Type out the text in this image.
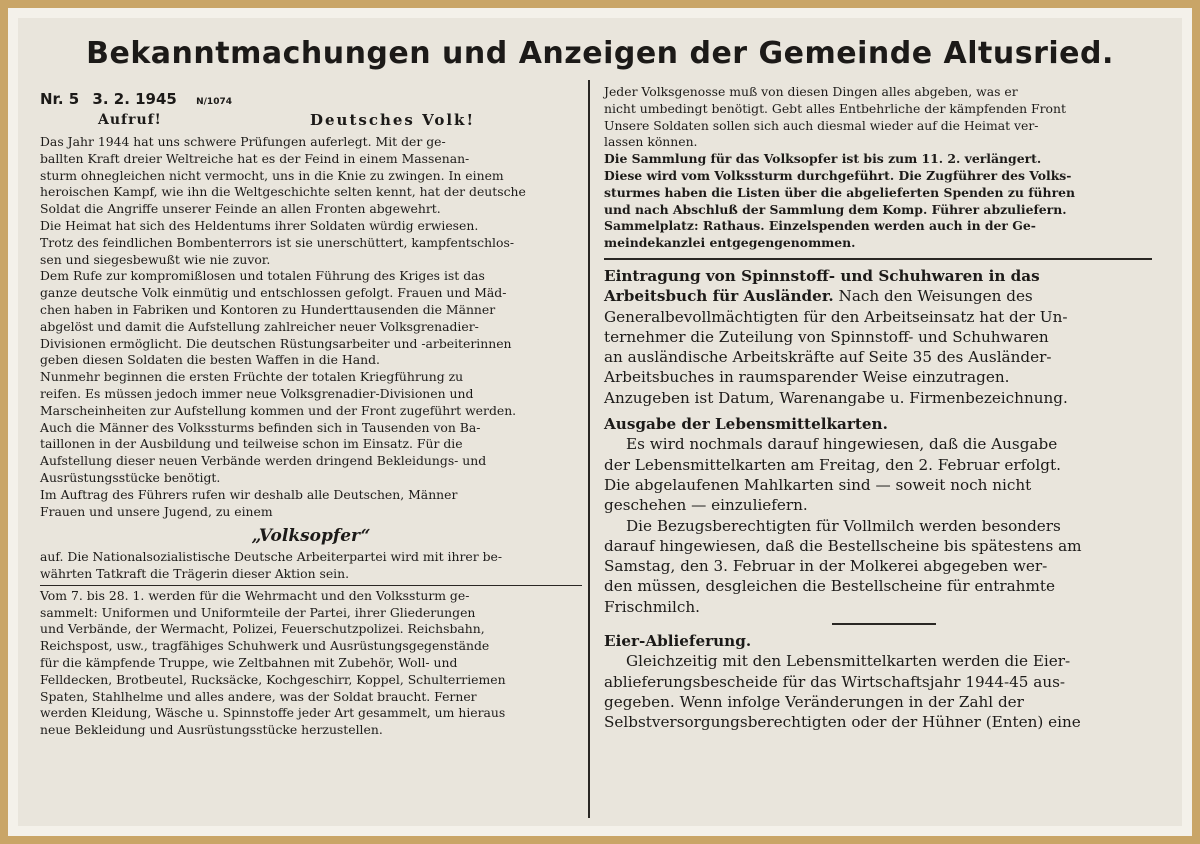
Bekanntmachungen und Anzeigen der Gemeinde Altusried.
Nr. 5 3. 2. 1945 N/1074
Aufruf!	Deutsches Volk!

Das Jahr 1944 hat uns schwere Prüfungen auferlegt. Mit der ge-
ballten Kraft dreier Weltreiche hat es der Feind in einem Massenan-
sturm ohnegleichen nicht vermocht, uns in die Knie zu zwingen. In einem
heroischen Kampf, wie ihn die Weltgeschichte selten kennt, hat der deutsche
Soldat die Angriffe unserer Feinde an allen Fronten abgewehrt.

Die Heimat hat sich des Heldentums ihrer Soldaten würdig erwiesen.
Trotz des feindlichen Bombenterrors ist sie unerschüttert, kampfentschlos-
sen und siegesbewußt wie nie zuvor.

Dem Rufe zur kompromißlosen und totalen Führung des Kriges ist das
ganze deutsche Volk einmütig und entschlossen gefolgt. Frauen und Mäd-
chen haben in Fabriken und Kontoren zu Hunderttausenden die Männer
abgelöst und damit die Aufstellung zahlreicher neuer Volksgrenadier-
Divisionen ermöglicht. Die deutschen Rüstungsarbeiter und -arbeiterinnen
geben diesen Soldaten die besten Waffen in die Hand.

Nunmehr beginnen die ersten Früchte der totalen Kriegführung zu
reifen. Es müssen jedoch immer neue Volksgrenadier-Divisionen und
Marscheinheiten zur Aufstellung kommen und der Front zugeführt werden.
Auch die Männer des Volkssturms befinden sich in Tausenden von Ba-
taillonen in der Ausbildung und teilweise schon im Einsatz. Für die
Aufstellung dieser neuen Verbände werden dringend Bekleidungs- und
Ausrüstungsstücke benötigt.

Im Auftrag des Führers rufen wir deshalb alle Deutschen, Männer
Frauen und unsere Jugend, zu einem

„Volksopfer“

auf. Die Nationalsozialistische Deutsche Arbeiterpartei wird mit ihrer be-
währten Tatkraft die Trägerin dieser Aktion sein.

Vom 7. bis 28. 1. werden für die Wehrmacht und den Volkssturm ge-
sammelt: Uniformen und Uniformteile der Partei, ihrer Gliederungen
und Verbände, der Wermacht, Polizei, Feuerschutzpolizei. Reichsbahn,
Reichspost, usw., tragfähiges Schuhwerk und Ausrüstungsgegenstände
für die kämpfende Truppe, wie Zeltbahnen mit Zubehör, Woll- und
Felldecken, Brotbeutel, Rucksäcke, Kochgeschirr, Koppel, Schulterriemen
Spaten, Stahlhelme und alles andere, was der Soldat braucht. Ferner
werden Kleidung, Wäsche u. Spinnstoffe jeder Art gesammelt, um hieraus
neue Bekleidung und Ausrüstungsstücke herzustellen.

Jeder Volksgenosse muß von diesen Dingen alles abgeben, was er
nicht umbedingt benötigt. Gebt alles Entbehrliche der kämpfenden Front
Unsere Soldaten sollen sich auch diesmal wieder auf die Heimat ver-
lassen können.

Die Sammlung für das Volksopfer ist bis zum 11. 2. verlängert.
Diese wird vom Volkssturm durchgeführt. Die Zugführer des Volks-
sturmes haben die Listen über die abgelieferten Spenden zu führen
und nach Abschluß der Sammlung dem Komp. Führer abzuliefern.

Sammelplatz: Rathaus. Einzelspenden werden auch in der Ge-
meindekanzlei entgegengenommen.

Eintragung von Spinnstoff- und Schuhwaren in das
Arbeitsbuch für Ausländer. Nach den Weisungen des
Generalbevollmächtigten für den Arbeitseinsatz hat der Un-
ternehmer die Zuteilung von Spinnstoff- und Schuhwaren
an ausländische Arbeitskräfte auf Seite 35 des Ausländer-
Arbeitsbuches in raumsparender Weise einzutragen.
Anzugeben ist Datum, Warenangabe u. Firmenbezeichnung.

Ausgabe der Lebensmittelkarten.

Es wird nochmals darauf hingewiesen, daß die Ausgabe
der Lebensmittelkarten am Freitag, den 2. Februar erfolgt.
Die abgelaufenen Mahlkarten sind — soweit noch nicht
geschehen — einzuliefern.

Die Bezugsberechtigten für Vollmilch werden besonders
darauf hingewiesen, daß die Bestellscheine bis spätestens am
Samstag, den 3. Februar in der Molkerei abgegeben wer-
den müssen, desgleichen die Bestellscheine für entrahmte
Frischmilch.

Eier-Ablieferung.

Gleichzeitig mit den Lebensmittelkarten werden die Eier-
ablieferungsbescheide für das Wirtschaftsjahr 1944-45 aus-
gegeben. Wenn infolge Veränderungen in der Zahl der
Selbstversorgungsberechtigten oder der Hühner (Enten) eine
